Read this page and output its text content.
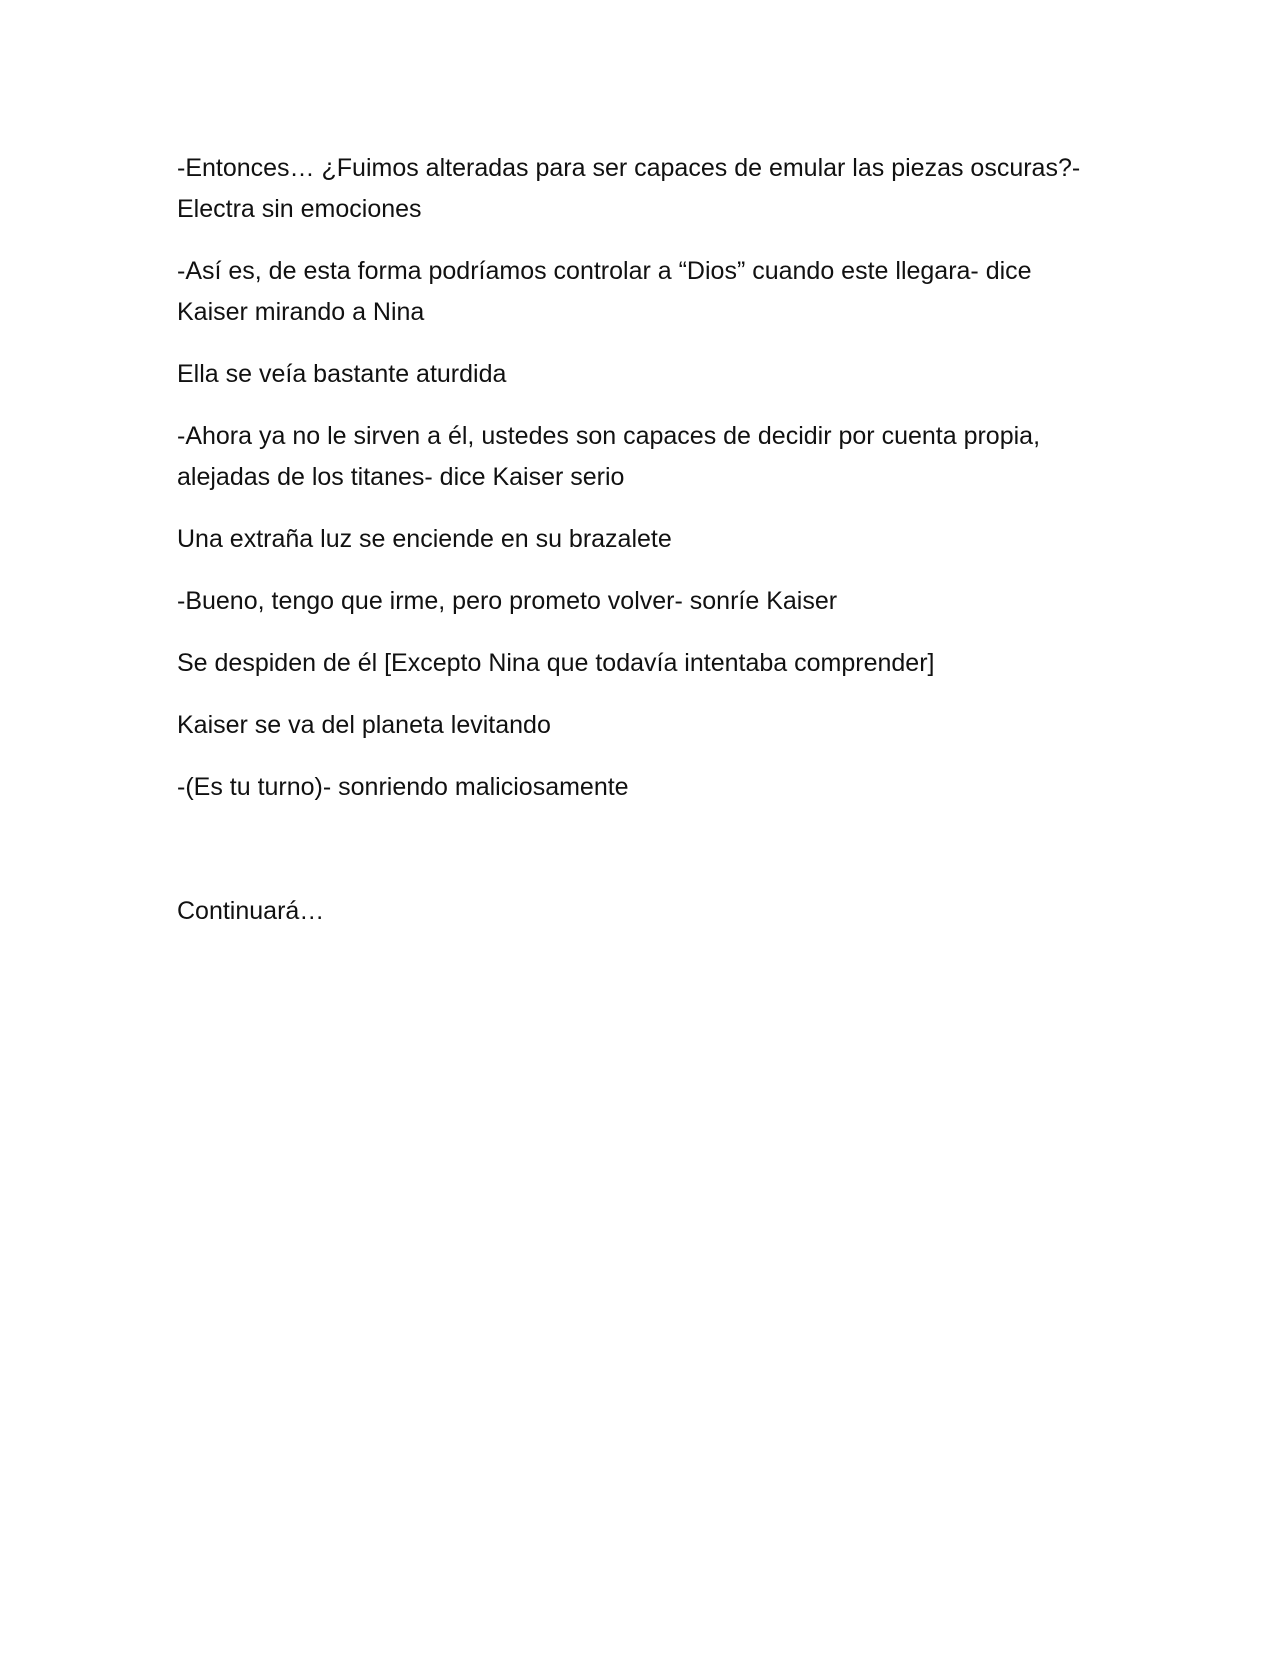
-Entonces… ¿Fuimos alteradas para ser capaces de emular las piezas oscuras?- Electra sin emociones

-Así es, de esta forma podríamos controlar a “Dios” cuando este llegara- dice Kaiser mirando a Nina

Ella se veía bastante aturdida

-Ahora ya no le sirven a él, ustedes son capaces de decidir por cuenta propia, alejadas de los titanes- dice Kaiser serio

Una extraña luz se enciende en su brazalete

-Bueno, tengo que irme, pero prometo volver- sonríe Kaiser

Se despiden de él [Excepto Nina que todavía intentaba comprender]

Kaiser se va del planeta levitando

-(Es tu turno)- sonriendo maliciosamente

Continuará…
